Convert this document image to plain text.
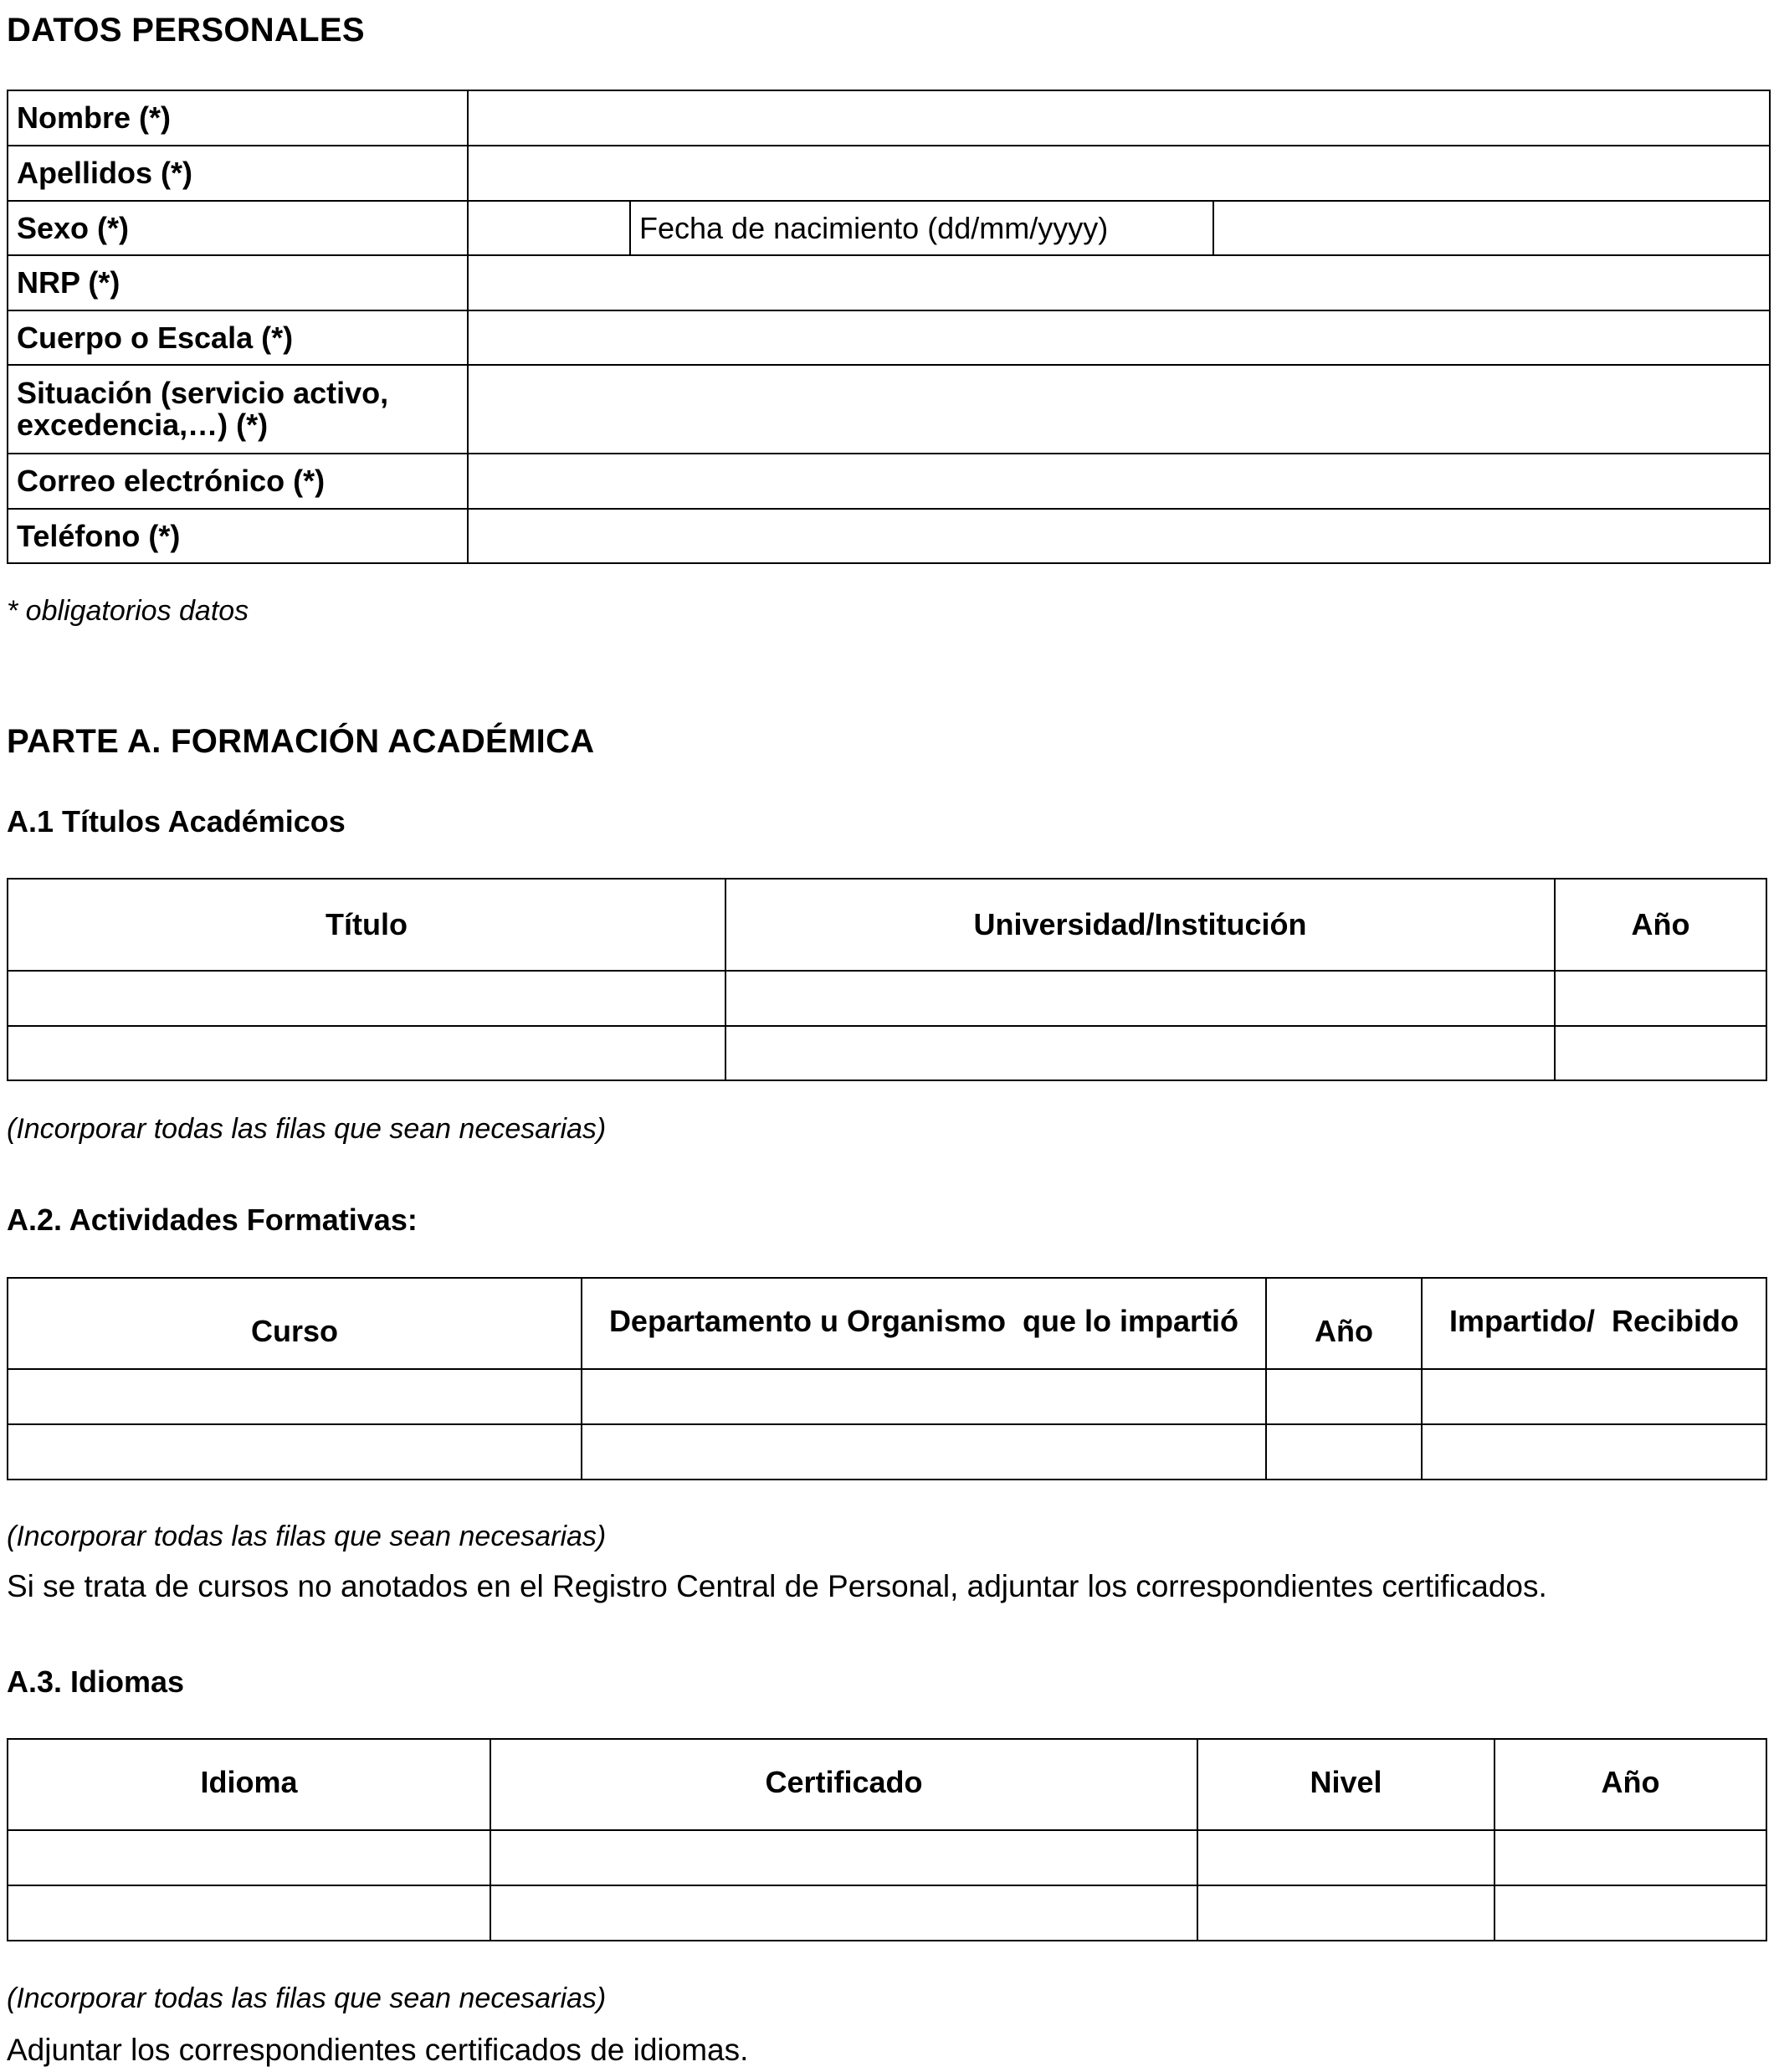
DATOS PERSONALES
Nombre (*)			
Apellidos (*)			
Sexo (*)		Fecha de nacimiento (dd/mm/yyyy)	
NRP (*)			
Cuerpo o Escala (*)			
Situación (servicio activo, excedencia,…) (*)			
Correo electrónico (*)			
Teléfono (*)			
* obligatorios datos
PARTE A. FORMACIÓN ACADÉMICA
A.1 Títulos Académicos
Título	Universidad/Institución	Año

(Incorporar todas las filas que sean necesarias)
A.2. Actividades Formativas:
Curso	Departamento u Organismo  que lo impartió	Año	Impartido/  Recibido

(Incorporar todas las filas que sean necesarias)
Si se trata de cursos no anotados en el Registro Central de Personal, adjuntar los correspondientes certificados.
A.3. Idiomas
Idioma	Certificado	Nivel	Año

(Incorporar todas las filas que sean necesarias)
Adjuntar los correspondientes certificados de idiomas.
